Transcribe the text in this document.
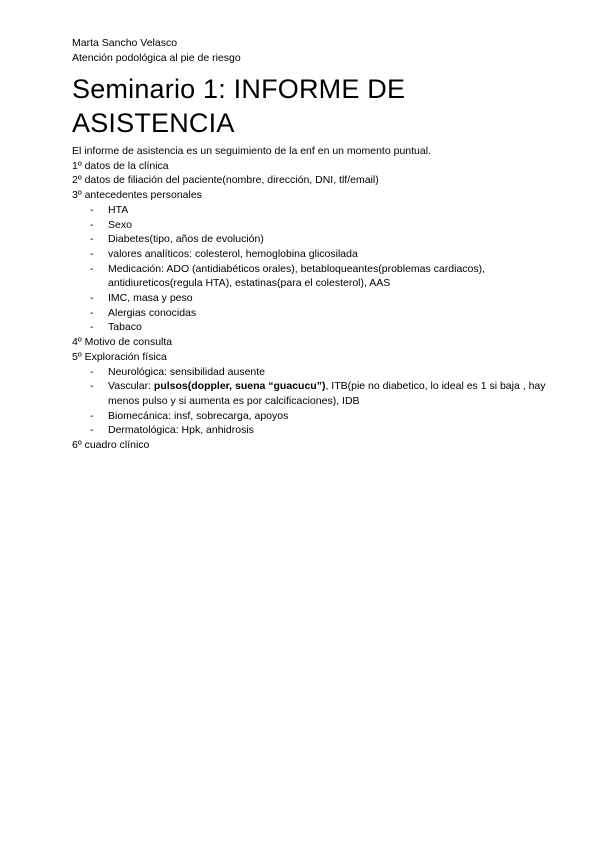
Marta Sancho Velasco

Atención podológica al pie de riesgo

Seminario 1: INFORME DE ASISTENCIA

El informe de asistencia es un seguimiento de la enf en un momento puntual.

1º datos de la clínica

2º datos de filiación del paciente(nombre, dirección, DNI, tlf/email)

3º antecedentes personales

- HTA
- Sexo
- Diabetes(tipo, años de evolución)
- valores analíticos: colesterol, hemoglobina glicosilada
- Medicación: ADO (antidiabéticos orales), betabloqueantes(problemas cardiacos), antidiureticos(regula HTA), estatinas(para el colesterol), AAS
- IMC, masa y peso
- Alergias conocidas
- Tabaco

4º Motivo de consulta

5º Exploración física

- Neurológica: sensibilidad ausente
- Vascular: pulsos(doppler, suena “guacucu”), ITB(pie no diabetico, lo ideal es 1 si baja , hay menos pulso y si aumenta es por calcificaciones), IDB
- Biomecánica: insf, sobrecarga, apoyos
- Dermatológica: Hpk, anhidrosis

6º cuadro clínico
